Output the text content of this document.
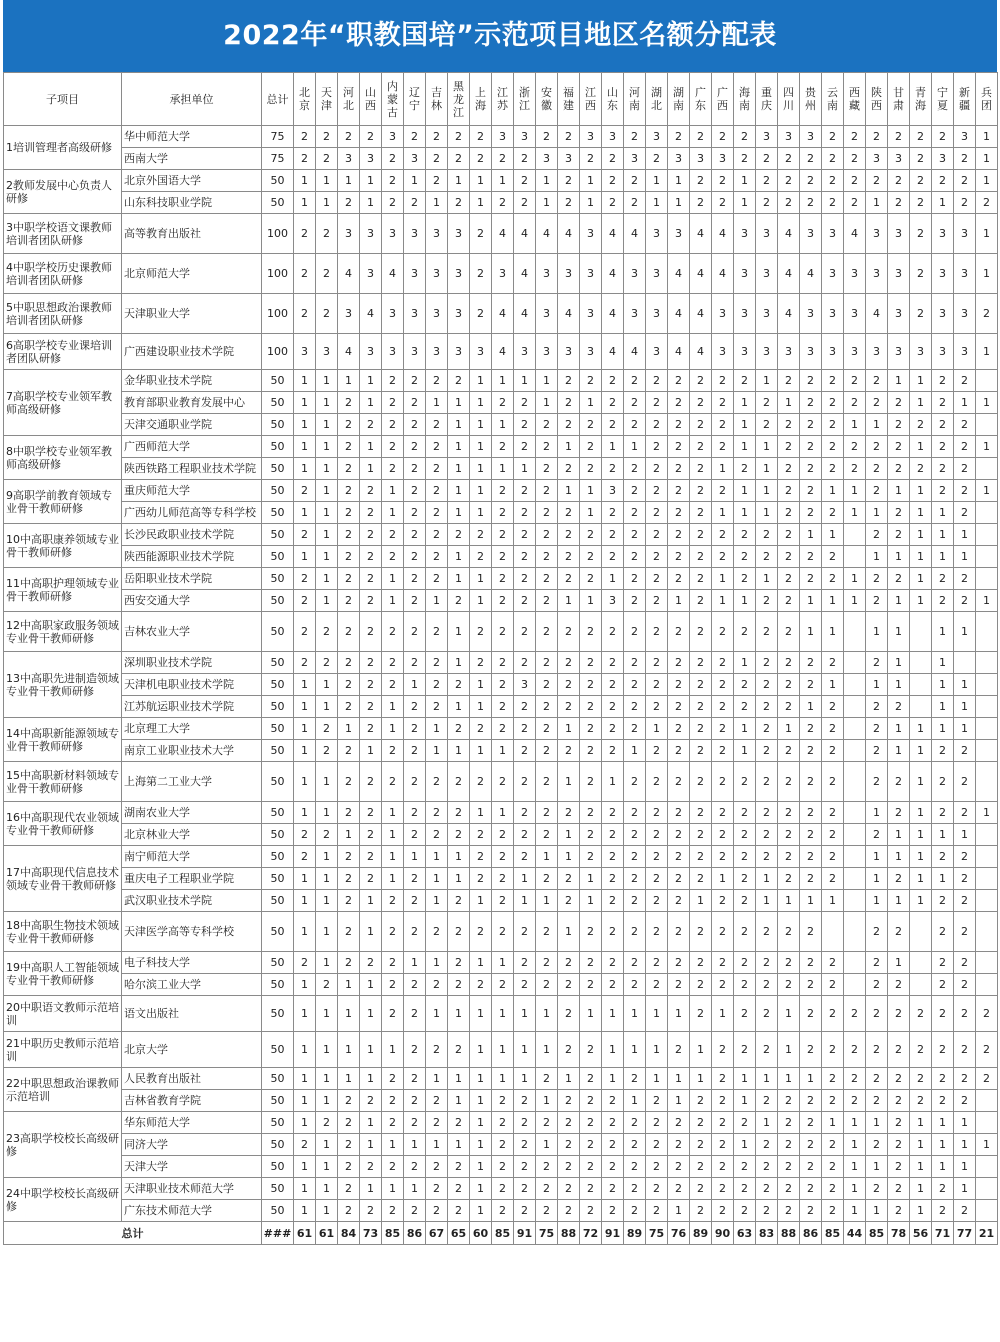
2022年“职教国培”示范项目地区名额分配表
子项目	承担单位	总计	北京	天津	河北	山西	内蒙古	辽宁	吉林	黑龙江	上海	江苏	浙江	安徽	福建	江西	山东	河南	湖北	湖南	广东	广西	海南	重庆	四川	贵州	云南	西藏	陕西	甘肃	青海	宁夏	新疆	兵团
1培训管理者高级研修	华中师范大学	75	2	2	2	2	3	2	2	2	2	3	3	2	2	3	3	2	3	2	2	2	2	3	3	3	2	2	2	2	2	2	3	1
	西南大学	75	2	2	3	3	2	3	2	2	2	2	2	3	3	2	2	3	2	3	3	3	2	2	2	2	2	2	3	3	2	3	2	1
2教师发展中心负责人研修	北京外国语大学	50	1	1	1	1	2	1	2	1	1	1	2	1	2	1	2	2	1	1	2	2	1	2	2	2	2	2	2	2	2	2	2	1
	山东科技职业学院	50	1	1	2	1	2	2	1	2	1	2	2	1	2	1	2	2	1	1	2	2	1	2	2	2	2	2	1	2	2	1	2	2
3中职学校语文课教师培训者团队研修	高等教育出版社	100	2	2	3	3	3	3	3	3	2	4	4	4	4	3	4	4	3	3	4	4	3	3	4	3	3	4	3	3	2	3	3	1
4中职学校历史课教师培训者团队研修	北京师范大学	100	2	2	4	3	4	3	3	3	2	3	4	3	3	3	4	3	3	4	4	4	3	3	4	4	3	3	3	3	2	3	3	1
5中职思想政治课教师培训者团队研修	天津职业大学	100	2	2	3	4	3	3	3	3	2	4	4	3	4	3	4	3	3	4	4	3	3	3	4	3	3	3	4	3	2	3	3	2
6高职学校专业课培训者团队研修	广西建设职业技术学院	100	3	3	4	3	3	3	3	3	3	4	3	3	3	3	4	4	3	4	4	3	3	3	3	3	3	3	3	3	3	3	3	1
7高职学校专业领军教师高级研修	金华职业技术学院	50	1	1	1	1	2	2	2	2	1	1	1	1	2	2	2	2	2	2	2	2	2	1	2	2	2	2	2	1	1	2	2	
	教育部职业教育发展中心	50	1	1	2	1	2	2	1	1	1	2	2	1	2	1	2	2	2	2	2	2	1	2	1	2	2	2	2	2	1	2	1	1
	天津交通职业学院	50	1	1	2	2	2	2	2	1	1	1	2	2	2	2	2	2	2	2	2	2	1	2	2	2	2	1	1	2	2	2	2	
8中职学校专业领军教师高级研修	广西师范大学	50	1	1	2	1	2	2	2	1	1	2	2	2	1	2	1	1	2	2	2	2	1	1	2	2	2	2	2	2	1	2	2	1
	陕西铁路工程职业技术学院	50	1	1	2	1	2	2	2	1	1	1	1	2	2	2	2	2	2	2	2	1	2	1	2	2	2	2	2	2	2	2	2	
9高职学前教育领域专业骨干教师研修	重庆师范大学	50	2	1	2	2	1	2	2	1	1	2	2	2	1	1	3	2	2	2	2	2	1	1	2	2	1	1	2	1	1	2	2	1
	广西幼儿师范高等专科学校	50	1	1	2	2	1	2	2	1	1	2	2	2	2	1	2	2	2	2	2	1	1	1	2	2	2	1	1	2	1	1	2	
10中高职康养领域专业骨干教师研修	长沙民政职业技术学院	50	2	1	2	2	2	2	2	2	2	2	2	2	2	2	2	2	2	2	2	2	2	2	2	1	1		2	2	1	1	1	
	陕西能源职业技术学院	50	1	1	2	2	2	2	2	1	2	2	2	2	2	2	2	2	2	2	2	2	2	2	2	2	2		1	1	1	1	1	
11中高职护理领域专业骨干教师研修	岳阳职业技术学院	50	2	1	2	2	1	2	2	1	1	2	2	2	2	2	1	2	2	2	2	1	2	1	2	2	2	1	2	2	1	2	2	
	西安交通大学	50	2	1	2	2	1	2	1	2	1	2	2	2	1	1	3	2	2	1	2	1	1	2	2	1	1	1	2	1	1	2	2	1
12中高职家政服务领域专业骨干教师研修	吉林农业大学	50	2	2	2	2	2	2	2	1	2	2	2	2	2	2	2	2	2	2	2	2	2	2	2	1	1		1	1		1	1	
13中高职先进制造领域专业骨干教师研修	深圳职业技术学院	50	2	2	2	2	2	2	2	1	2	2	2	2	2	2	2	2	2	2	2	2	1	2	2	2	2		2	1		1		
	天津机电职业技术学院	50	1	1	2	2	2	1	2	2	1	2	3	2	2	2	2	2	2	2	2	2	2	2	2	2	1		1	1		1	1	
	江苏航运职业技术学院	50	1	1	2	2	1	2	2	1	1	2	2	2	2	2	2	2	2	2	2	2	2	2	2	1	2		2	2		1	1	
14中高职新能源领域专业骨干教师研修	北京理工大学	50	1	2	1	2	1	2	1	2	2	2	2	2	1	2	2	2	1	2	2	2	1	2	1	2	2		2	1	1	1	1	
	南京工业职业技术大学	50	1	2	2	1	2	2	1	1	1	1	2	2	2	2	2	1	2	2	2	2	1	2	2	2	2		2	1	1	2	2	
15中高职新材料领域专业骨干教师研修	上海第二工业大学	50	1	1	2	2	2	2	2	2	2	2	2	2	1	2	1	2	2	2	2	2	2	2	2	2	2		2	2	1	2	2	
16中高职现代农业领域专业骨干教师研修	湖南农业大学	50	1	1	2	2	1	2	2	2	1	1	2	2	2	2	2	2	2	2	2	2	2	2	2	2	2		1	2	1	2	2	1
	北京林业大学	50	2	2	1	2	1	2	2	2	2	2	2	2	1	2	2	2	2	2	2	2	2	2	2	2	2		2	1	1	1	1	
17中高职现代信息技术领域专业骨干教师研修	南宁师范大学	50	2	1	2	2	1	1	1	1	2	2	2	1	1	2	2	2	2	2	2	2	2	2	2	2	2		1	1	1	2	2	
	重庆电子工程职业学院	50	1	1	2	2	1	2	1	1	2	2	1	2	2	1	2	2	2	2	2	1	2	1	2	2	2		1	2	1	1	2	
	武汉职业技术学院	50	1	1	2	1	2	2	1	2	1	2	1	1	2	1	2	2	2	2	1	2	2	1	1	1	1		1	1	1	2	2	
18中高职生物技术领域专业骨干教师研修	天津医学高等专科学校	50	1	1	2	1	2	2	2	2	2	2	2	2	1	2	2	2	2	2	2	2	2	2	2	2			2	2		2	2	
19中高职人工智能领域专业骨干教师研修	电子科技大学	50	2	1	2	2	2	1	1	2	1	1	2	2	2	2	2	2	2	2	2	2	2	2	2	2	2		2	1		2	2	
	哈尔滨工业大学	50	1	2	1	1	2	2	2	2	2	2	2	2	2	2	2	2	2	2	2	2	2	2	2	2	2		2	2		2	2	
20中职语文教师示范培训	语文出版社	50	1	1	1	1	2	2	1	1	1	1	1	1	2	1	1	1	1	1	2	1	2	2	1	2	2	2	2	2	2	2	2	2
21中职历史教师示范培训	北京大学	50	1	1	1	1	1	2	2	2	1	1	1	1	2	2	1	1	1	2	1	2	2	2	1	2	2	2	2	2	2	2	2	2
22中职思想政治课教师示范培训	人民教育出版社	50	1	1	1	1	2	2	1	1	1	1	1	2	1	2	1	2	1	1	1	2	1	1	1	1	2	2	2	2	2	2	2	2
	吉林省教育学院	50	1	1	2	2	2	2	2	1	1	2	2	1	2	2	2	1	2	1	2	2	1	2	2	2	2	2	2	2	2	2	2	
23高职学校校长高级研修	华东师范大学	50	1	2	2	1	2	2	2	2	1	2	2	2	2	2	2	2	2	2	2	2	2	1	2	2	1	1	1	2	1	1	1	
	同济大学	50	2	1	2	1	1	1	1	1	1	2	2	1	2	2	2	2	2	2	2	2	1	2	2	2	2	1	2	2	1	1	1	1
	天津大学	50	1	1	2	2	2	2	2	2	1	2	2	2	2	2	2	2	2	2	2	2	2	2	2	2	2	1	1	2	1	1	1	
24中职学校校长高级研修	天津职业技术师范大学	50	1	1	2	1	1	1	2	2	1	2	2	2	2	2	2	2	2	2	2	2	2	2	2	2	2	1	2	2	1	2	1	
	广东技术师范大学	50	1	1	2	2	2	2	2	2	1	2	2	2	2	2	2	2	2	1	2	2	2	2	2	2	2	1	1	2	1	2	2	
总计		###	61	61	84	73	85	86	67	65	60	85	91	75	88	72	91	89	75	76	89	90	63	83	88	86	85	44	85	78	56	71	77	21
